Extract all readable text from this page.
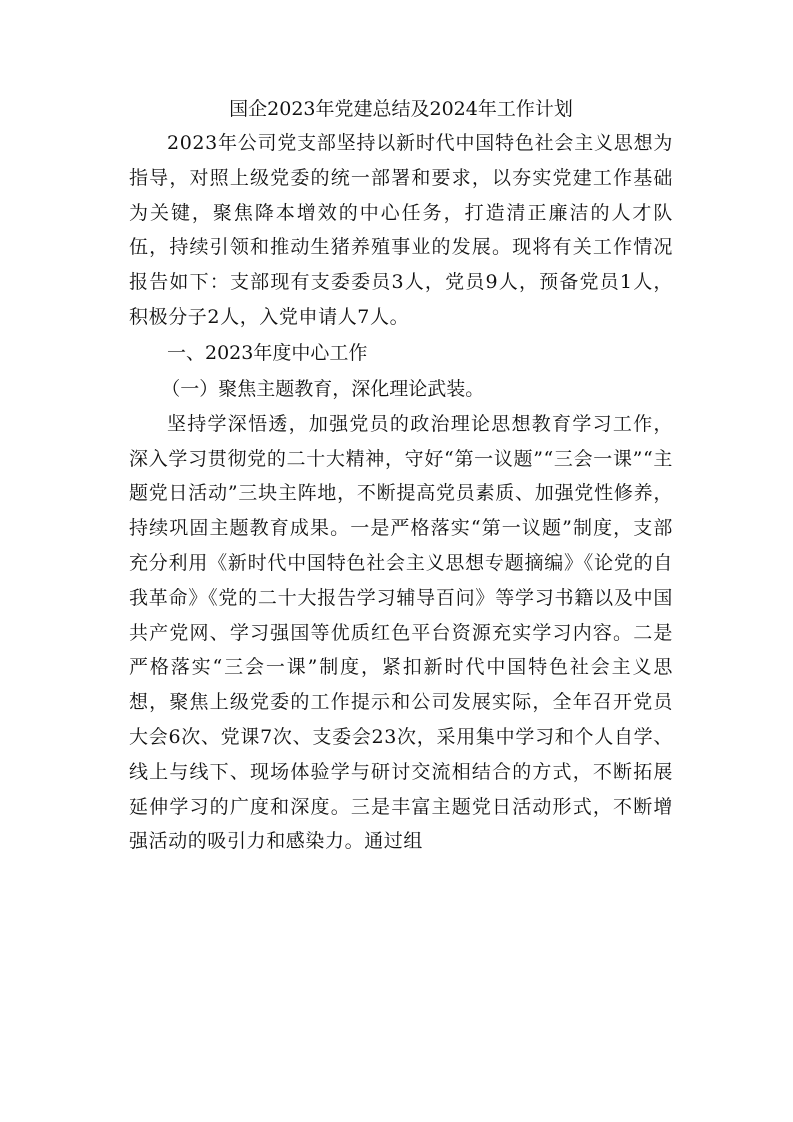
国企2023年党建总结及2024年工作计划

2023年公司党支部坚持以新时代中国特色社会主义思想为指导，对照上级党委的统一部署和要求，以夯实党建工作基础为关键，聚焦降本增效的中心任务，打造清正廉洁的人才队伍，持续引领和推动生猪养殖事业的发展。现将有关工作情况报告如下：支部现有支委委员3人，党员9人，预备党员1人，积极分子2人，入党申请人7人。

一、2023年度中心工作

（一）聚焦主题教育，深化理论武装。

坚持学深悟透，加强党员的政治理论思想教育学习工作，深入学习贯彻党的二十大精神，守好“第一议题”“三会一课”“主题党日活动”三块主阵地，不断提高党员素质、加强党性修养，持续巩固主题教育成果。一是严格落实“第一议题”制度，支部充分利用《新时代中国特色社会主义思想专题摘编》《论党的自我革命》《党的二十大报告学习辅导百问》等学习书籍以及中国共产党网、学习强国等优质红色平台资源充实学习内容。二是严格落实“三会一课”制度，紧扣新时代中国特色社会主义思想，聚焦上级党委的工作提示和公司发展实际，全年召开党员大会6次、党课7次、支委会23次，采用集中学习和个人自学、线上与线下、现场体验学与研讨交流相结合的方式，不断拓展延伸学习的广度和深度。三是丰富主题党日活动形式，不断增强活动的吸引力和感染力。通过组
